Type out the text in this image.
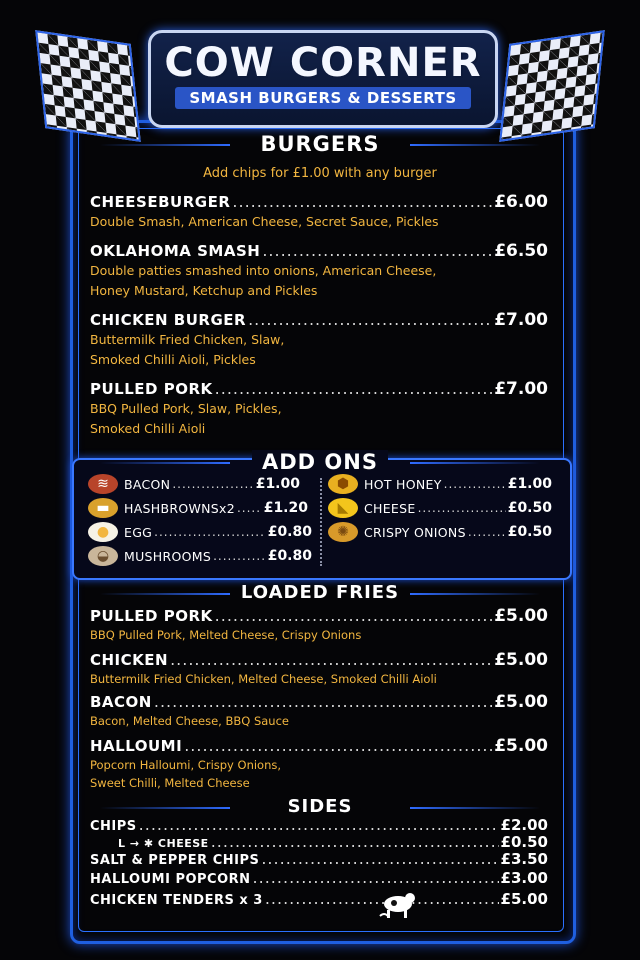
COW CORNER
SMASH BURGERS & DESSERTS
BURGERS
Add chips for £1.00 with any burger
CHEESEBURGER .....	£6.00
Double Smash, American Cheese, Secret Sauce, Pickles
OKLAHOMA SMASH .....	£6.50
Double patties smashed into onions, American Cheese,
Honey Mustard, Ketchup and Pickles
CHICKEN BURGER .....	£7.00
Buttermilk Fried Chicken, Slaw,
Smoked Chilli Aioli, Pickles
PULLED PORK .....	£7.00
BBQ Pulled Pork, Slaw, Pickles,
Smoked Chilli Aioli
ADD ONS
≋	BACON .....	£1.00
▬	HASHBROWNSx2 ..... £1.20
●	EGG .....	£0.80
◒	MUSHROOMS .....	£0.80
⬢	HOT HONEY .....	£1.00
◣	CHEESE .....	£0.50
✺	CRISPY ONIONS .....	£0.50
LOADED FRIES
PULLED PORK .....	£5.00
BBQ Pulled Pork, Melted Cheese, Crispy Onions
CHICKEN .....	£5.00
Buttermilk Fried Chicken, Melted Cheese, Smoked Chilli Aioli
BACON .....	£5.00
Bacon, Melted Cheese, BBQ Sauce
HALLOUMI .....	£5.00
Popcorn Halloumi, Crispy Onions,
Sweet Chilli, Melted Cheese
SIDES
CHIPS .....	£2.00
L → ✱ CHEESE .....	£0.50
SALT & PEPPER CHIPS .....	£3.50
HALLOUMI POPCORN .....	£3.00
CHICKEN TENDERS x 3 .....	£5.00
